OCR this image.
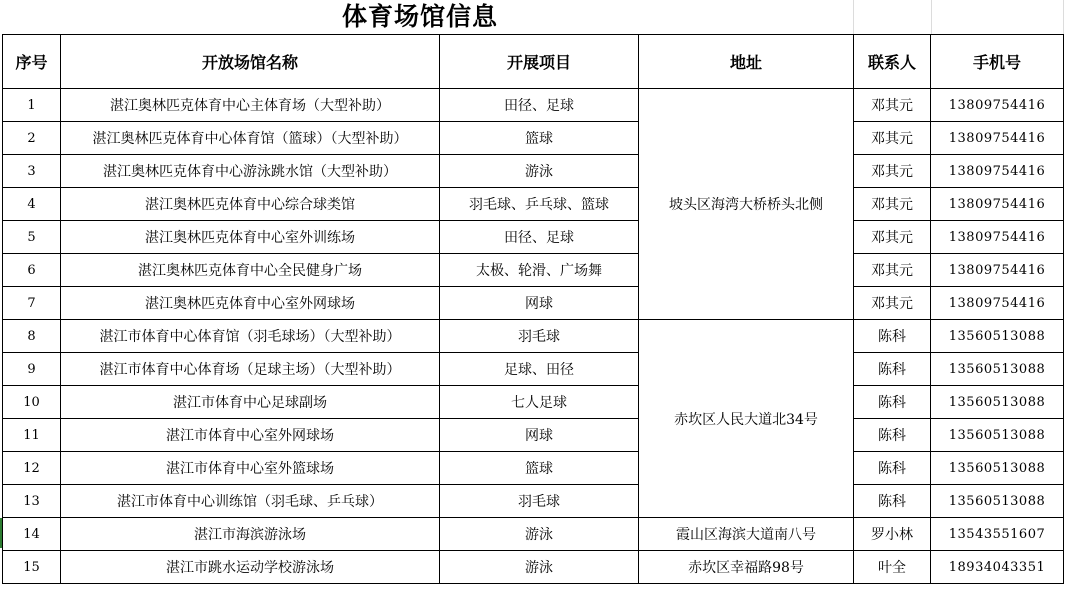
体育场馆信息
序号	开放场馆名称	开展项目	地址	联系人	手机号
1	湛江奥林匹克体育中心主体育场（大型补助）	田径、足球	坡头区海湾大桥桥头北侧	邓其元	13809754416
2	湛江奥林匹克体育中心体育馆（篮球）（大型补助）	篮球		邓其元	13809754416
3	湛江奥林匹克体育中心游泳跳水馆（大型补助）	游泳		邓其元	13809754416
4	湛江奥林匹克体育中心综合球类馆	羽毛球、乒乓球、篮球		邓其元	13809754416
5	湛江奥林匹克体育中心室外训练场	田径、足球		邓其元	13809754416
6	湛江奥林匹克体育中心全民健身广场	太极、轮滑、广场舞		邓其元	13809754416
7	湛江奥林匹克体育中心室外网球场	网球		邓其元	13809754416
8	湛江市体育中心体育馆（羽毛球场）（大型补助）	羽毛球	赤坎区人民大道北34号	陈科	13560513088
9	湛江市体育中心体育场（足球主场）（大型补助）	足球、田径		陈科	13560513088
10	湛江市体育中心足球副场	七人足球		陈科	13560513088
11	湛江市体育中心室外网球场	网球		陈科	13560513088
12	湛江市体育中心室外篮球场	篮球		陈科	13560513088
13	湛江市体育中心训练馆（羽毛球、乒乓球）	羽毛球		陈科	13560513088
14	湛江市海滨游泳场	游泳	霞山区海滨大道南八号	罗小林	13543551607
15	湛江市跳水运动学校游泳场	游泳	赤坎区幸福路98号	叶全	18934043351
